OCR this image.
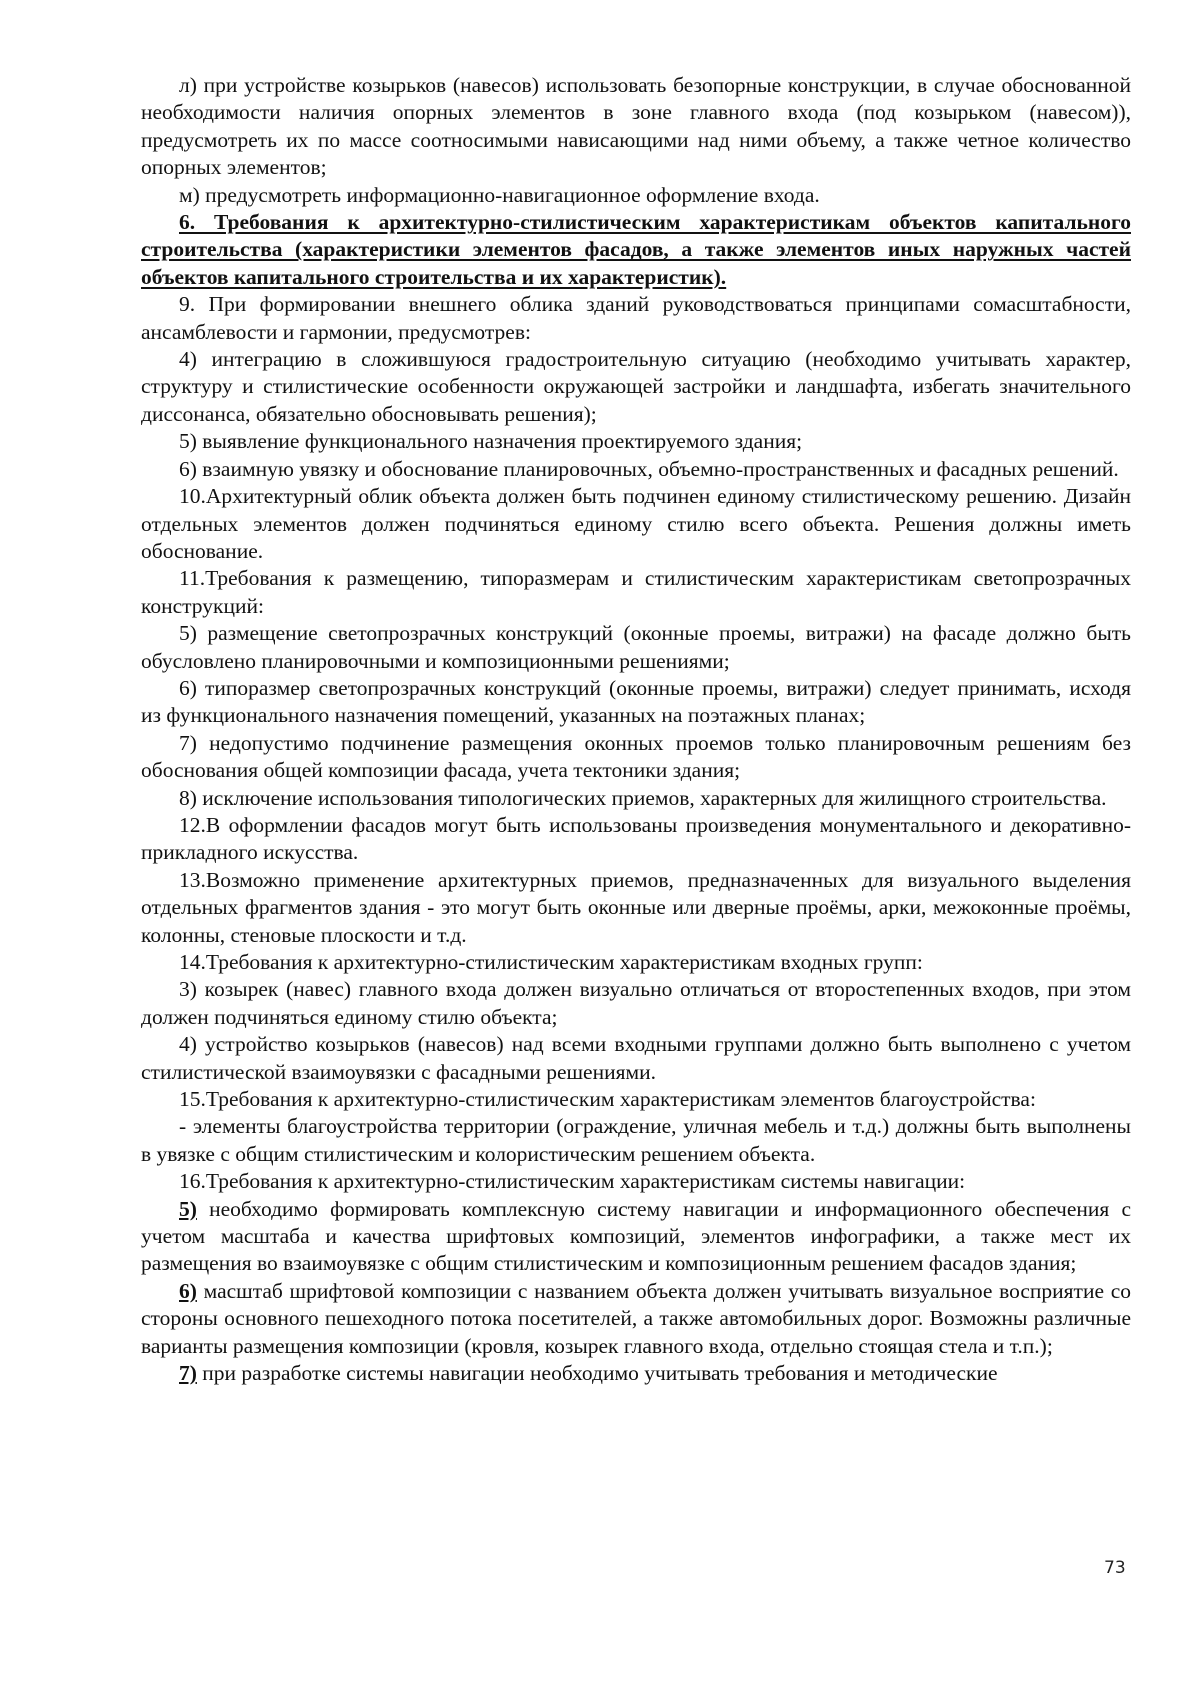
л) при устройстве козырьков (навесов) использовать безопорные конструкции, в случае обоснованной необходимости наличия опорных элементов в зоне главного входа (под козырьком (навесом)), предусмотреть их по массе соотносимыми нависающими над ними объему, а также четное количество опорных элементов;

м) предусмотреть информационно-навигационное оформление входа.

6. Требования к архитектурно-стилистическим характеристикам объектов капитального строительства (характеристики элементов фасадов, а также элементов иных наружных частей объектов капитального строительства и их характеристик).

9. При формировании внешнего облика зданий руководствоваться принципами сомасштабности, ансамблевости и гармонии, предусмотрев:

4) интеграцию в сложившуюся градостроительную ситуацию (необходимо учитывать характер, структуру и стилистические особенности окружающей застройки и ландшафта, избегать значительного диссонанса, обязательно обосновывать решения);

5) выявление функционального назначения проектируемого здания;

6) взаимную увязку и обоснование планировочных, объемно-пространственных и фасадных решений.

10.Архитектурный облик объекта должен быть подчинен единому стилистическому решению. Дизайн отдельных элементов должен подчиняться единому стилю всего объекта. Решения должны иметь обоснование.

11.Требования к размещению, типоразмерам и стилистическим характеристикам светопрозрачных конструкций:

5) размещение светопрозрачных конструкций (оконные проемы, витражи) на фасаде должно быть обусловлено планировочными и композиционными решениями;

6) типоразмер светопрозрачных конструкций (оконные проемы, витражи) следует принимать, исходя из функционального назначения помещений, указанных на поэтажных планах;

7) недопустимо подчинение размещения оконных проемов только планировочным решениям без обоснования общей композиции фасада, учета тектоники здания;

8) исключение использования типологических приемов, характерных для жилищного строительства.

12.В оформлении фасадов могут быть использованы произведения монументального и декоративно-прикладного искусства.

13.Возможно применение архитектурных приемов, предназначенных для визуального выделения отдельных фрагментов здания - это могут быть оконные или дверные проёмы, арки, межоконные проёмы, колонны, стеновые плоскости и т.д.

14.Требования к архитектурно-стилистическим характеристикам входных групп:

3) козырек (навес) главного входа должен визуально отличаться от второстепенных входов, при этом должен подчиняться единому стилю объекта;

4) устройство козырьков (навесов) над всеми входными группами должно быть выполнено с учетом стилистической взаимоувязки с фасадными решениями.

15.Требования к архитектурно-стилистическим характеристикам элементов благоустройства:

- элементы благоустройства территории (ограждение, уличная мебель и т.д.) должны быть выполнены в увязке с общим стилистическим и колористическим решением объекта.

16.Требования к архитектурно-стилистическим характеристикам системы навигации:

5) необходимо формировать комплексную систему навигации и информационного обеспечения с учетом масштаба и качества шрифтовых композиций, элементов инфографики, а также мест их размещения во взаимоувязке с общим стилистическим и композиционным решением фасадов здания;

6) масштаб шрифтовой композиции с названием объекта должен учитывать визуальное восприятие со стороны основного пешеходного потока посетителей, а также автомобильных дорог. Возможны различные варианты размещения композиции (кровля, козырек главного входа, отдельно стоящая стела и т.п.);

7) при разработке системы навигации необходимо учитывать требования и методические

73
